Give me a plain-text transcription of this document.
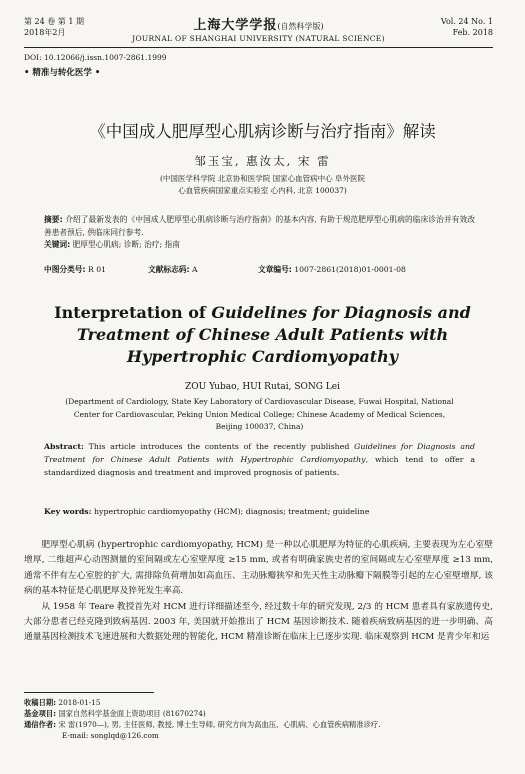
第 24 卷 第 1 期
2018年2月	上海大学学报(自然科学版)
JOURNAL OF SHANGHAI UNIVERSITY (NATURAL SCIENCE)
Vol. 24 No. 1
Feb. 2018
DOI: 10.12066/j.issn.1007-2861.1999
• 精准与转化医学 •
《中国成人肥厚型心肌病诊断与治疗指南》解读
邹玉宝, 惠汝太, 宋 雷
(中国医学科学院 北京协和医学院 国家心血管病中心 阜外医院
心血管疾病国家重点实验室 心内科, 北京 100037)
摘要: 介绍了最新发表的《中国成人肥厚型心肌病诊断与治疗指南》的基本内容, 有助于规范肥厚型心肌病的临床诊治并有效改善患者预后, 供临床同行参考.
关键词: 肥厚型心肌病; 诊断; 治疗; 指南
中图分类号: R 01	文献标志码: A	文章编号: 1007-2861(2018)01-0001-08
Interpretation of Guidelines for Diagnosis and
Treatment of Chinese Adult Patients with
Hypertrophic Cardiomyopathy
ZOU Yubao, HUI Rutai, SONG Lei
(Department of Cardiology, State Key Laboratory of Cardiovascular Disease, Fuwai Hospital, National
Center for Cardiovascular, Peking Union Medical College; Chinese Academy of Medical Sciences,
Beijing 100037, China)
Abstract: This article introduces the contents of the recently published Guidelines for Diagnosis and Treatment for Chinese Adult Patients with Hypertrophic Cardiomyopathy, which tend to offer a standardized diagnosis and treatment and improved prognosis of patients.
Key words: hypertrophic cardiomyopathy (HCM); diagnosis; treatment; guideline

肥厚型心肌病 (hypertrophic cardiomyopathy, HCM) 是一种以心肌肥厚为特征的心肌疾病, 主要表现为左心室壁增厚, 二维超声心动图测量的室间隔或左心室壁厚度 ≥15 mm, 或者有明确家族史者的室间隔或左心室壁厚度 ≥13 mm, 通常不伴有左心室腔的扩大, 需排除负荷增加如高血压、主动脉瓣狭窄和先天性主动脉瓣下隔膜等引起的左心室壁增厚, 该病的基本特征是心肌肥厚及猝死发生率高.

从 1958 年 Teare 教授首先对 HCM 进行详细描述至今, 经过数十年的研究发现, 2/3 的 HCM 患者具有家族遗传史, 大部分患者已经克隆到致病基因. 2003 年, 美国就开始推出了 HCM 基因诊断技术. 随着疾病致病基因的进一步明确、高通量基因检测技术飞速进展和大数据处理的智能化, HCM 精准诊断在临床上已逐步实现. 临床观察到 HCM 是青少年和运

收稿日期: 2018-01-15
基金项目: 国家自然科学基金面上资助项目 (81670274)
通信作者: 宋 雷(1970—), 男, 主任医师, 教授, 博士生导师, 研究方向为高血压、心肌病、心血管疾病精准诊疗.
E-mail: songlqd@126.com
